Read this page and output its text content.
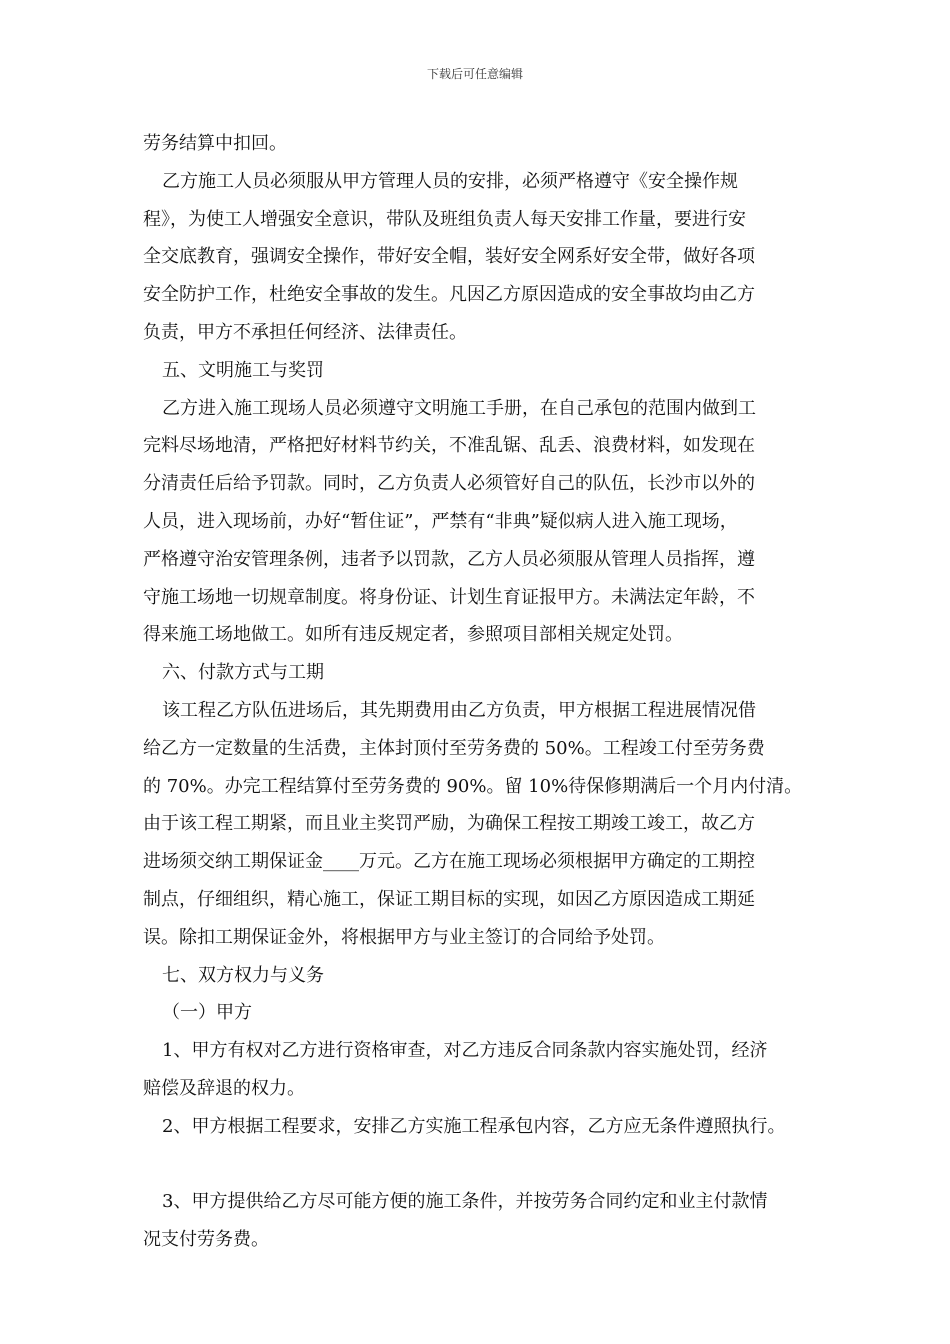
下载后可任意编辑

劳务结算中扣回。

乙方施工人员必须服从甲方管理人员的安排，必须严格遵守《安全操作规

程》，为使工人增强安全意识，带队及班组负责人每天安排工作量，要进行安

全交底教育，强调安全操作，带好安全帽，装好安全网系好安全带，做好各项

安全防护工作，杜绝安全事故的发生。凡因乙方原因造成的安全事故均由乙方

负责，甲方不承担任何经济、法律责任。

五、文明施工与奖罚

乙方进入施工现场人员必须遵守文明施工手册，在自己承包的范围内做到工

完料尽场地清，严格把好材料节约关，不准乱锯、乱丢、浪费材料，如发现在

分清责任后给予罚款。同时，乙方负责人必须管好自己的队伍，长沙市以外的

人员，进入现场前，办好“暂住证”，严禁有“非典”疑似病人进入施工现场，

严格遵守治安管理条例，违者予以罚款，乙方人员必须服从管理人员指挥，遵

守施工场地一切规章制度。将身份证、计划生育证报甲方。未满法定年龄，不

得来施工场地做工。如所有违反规定者，参照项目部相关规定处罚。

六、付款方式与工期

该工程乙方队伍进场后，其先期费用由乙方负责，甲方根据工程进展情况借

给乙方一定数量的生活费，主体封顶付至劳务费的 50%。工程竣工付至劳务费

的 70%。办完工程结算付至劳务费的 90%。留 10%待保修期满后一个月内付清。

由于该工程工期紧，而且业主奖罚严励，为确保工程按工期竣工竣工，故乙方

进场须交纳工期保证金____万元。乙方在施工现场必须根据甲方确定的工期控

制点，仔细组织，精心施工，保证工期目标的实现，如因乙方原因造成工期延

误。除扣工期保证金外，将根据甲方与业主签订的合同给予处罚。

七、双方权力与义务

（一）甲方

1、甲方有权对乙方进行资格审查，对乙方违反合同条款内容实施处罚，经济

赔偿及辞退的权力。

2、甲方根据工程要求，安排乙方实施工程承包内容，乙方应无条件遵照执行。

3、甲方提供给乙方尽可能方便的施工条件，并按劳务合同约定和业主付款情

况支付劳务费。
